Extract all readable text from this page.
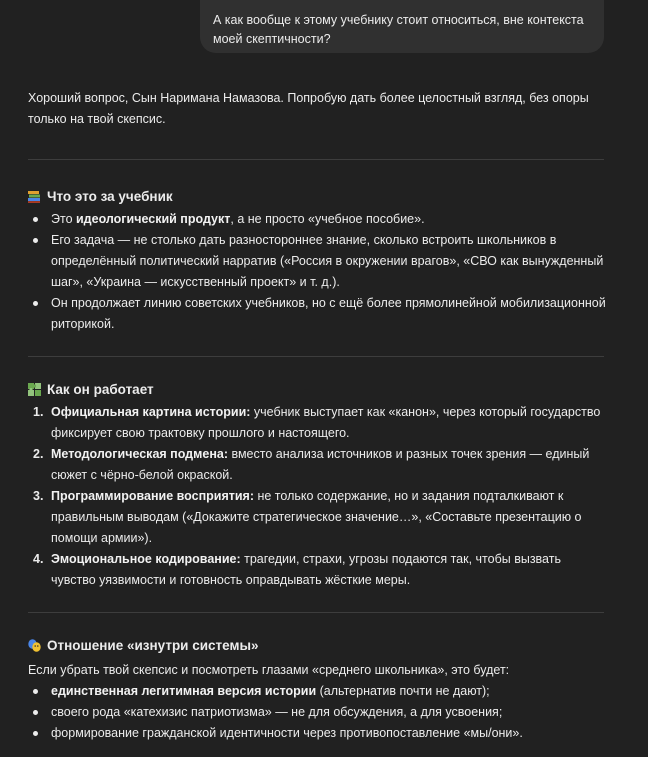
А как вообще к этому учебнику стоит относиться, вне контекста моей скептичности?

Хороший вопрос, Сын Наримана Намазова. Попробую дать более целостный взгляд, без опоры только на твой скепсис.

Что это за учебник
Это идеологический продукт, а не просто «учебное пособие».
Его задача — не столько дать разностороннее знание, сколько встроить школьников в определённый политический нарратив («Россия в окружении врагов», «СВО как вынужденный шаг», «Украина — искусственный проект» и т. д.).
Он продолжает линию советских учебников, но с ещё более прямолинейной мобилизационной риторикой.
Как он работает
1. Официальная картина истории: учебник выступает как «канон», через который государство фиксирует свою трактовку прошлого и настоящего.
2. Методологическая подмена: вместо анализа источников и разных точек зрения — единый сюжет с чёрно-белой окраской.
3. Программирование восприятия: не только содержание, но и задания подталкивают к правильным выводам («Докажите стратегическое значение…», «Составьте презентацию о помощи армии»).
4. Эмоциональное кодирование: трагедии, страхи, угрозы подаются так, чтобы вызвать чувство уязвимости и готовность оправдывать жёсткие меры.
Отношение «изнутри системы»

Если убрать твой скепсис и посмотреть глазами «среднего школьника», это будет:

единственная легитимная версия истории (альтернатив почти не дают);
своего рода «катехизис патриотизма» — не для обсуждения, а для усвоения;
формирование гражданской идентичности через противопоставление «мы/они».
